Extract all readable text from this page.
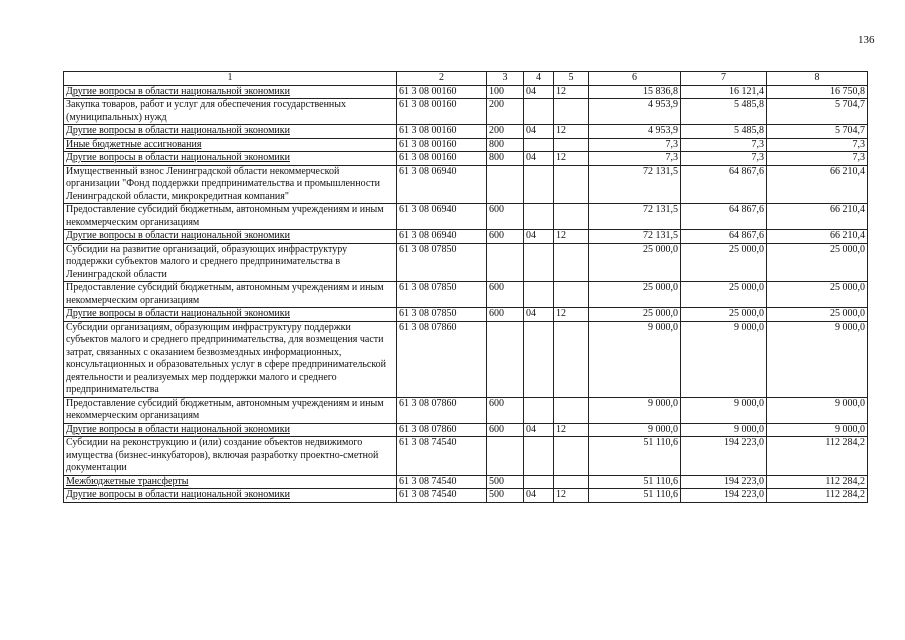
136
1	2	3	4	5	6	7	8
Другие вопросы в области национальной экономики	61 3 08 00160	100	04	12	15 836,8	16 121,4	16 750,8
Закупка товаров, работ и услуг для обеспечения государственных (муниципальных) нужд	61 3 08 00160	200			4 953,9	5 485,8	5 704,7
Другие вопросы в области национальной экономики	61 3 08 00160	200	04	12	4 953,9	5 485,8	5 704,7
Иные бюджетные ассигнования	61 3 08 00160	800			7,3	7,3	7,3
Другие вопросы в области национальной экономики	61 3 08 00160	800	04	12	7,3	7,3	7,3
Имущественный взнос Ленинградской области некоммерческой организации "Фонд поддержки предпринимательства и промышленности Ленинградской области, микрокредитная компания"	61 3 08 06940				72 131,5	64 867,6	66 210,4
Предоставление субсидий бюджетным, автономным учреждениям и иным некоммерческим организациям	61 3 08 06940	600			72 131,5	64 867,6	66 210,4
Другие вопросы в области национальной экономики	61 3 08 06940	600	04	12	72 131,5	64 867,6	66 210,4
Субсидии на развитие организаций, образующих инфраструктуру поддержки субъектов малого и среднего предпринимательства в Ленинградской области	61 3 08 07850				25 000,0	25 000,0	25 000,0
Предоставление субсидий бюджетным, автономным учреждениям и иным некоммерческим организациям	61 3 08 07850	600			25 000,0	25 000,0	25 000,0
Другие вопросы в области национальной экономики	61 3 08 07850	600	04	12	25 000,0	25 000,0	25 000,0
Субсидии организациям, образующим инфраструктуру поддержки субъектов малого и среднего предпринимательства, для возмещения части затрат, связанных с оказанием безвозмездных информационных, консультационных и образовательных услуг в сфере предпринимательской деятельности и реализуемых мер поддержки малого и среднего предпринимательства	61 3 08 07860				9 000,0	9 000,0	9 000,0
Предоставление субсидий бюджетным, автономным учреждениям и иным некоммерческим организациям	61 3 08 07860	600			9 000,0	9 000,0	9 000,0
Другие вопросы в области национальной экономики	61 3 08 07860	600	04	12	9 000,0	9 000,0	9 000,0
Субсидии на реконструкцию и (или) создание объектов недвижимого имущества (бизнес-инкубаторов), включая разработку проектно-сметной документации	61 3 08 74540				51 110,6	194 223,0	112 284,2
Межбюджетные трансферты	61 3 08 74540	500			51 110,6	194 223,0	112 284,2
Другие вопросы в области национальной экономики	61 3 08 74540	500	04	12	51 110,6	194 223,0	112 284,2
